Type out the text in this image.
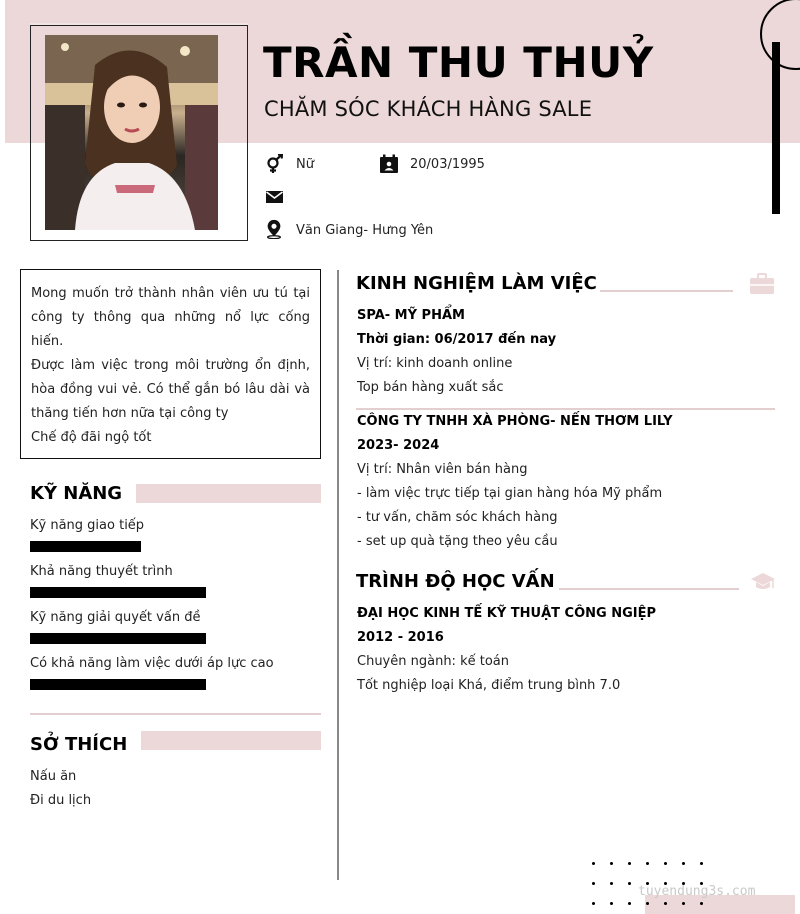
TRẦN THU THUỶ
CHĂM SÓC KHÁCH HÀNG SALE
Nữ	20/03/1995
Văn Giang- Hưng Yên

Mong muốn trở thành nhân viên ưu tú tại công ty thông qua những nổ lực cống hiến.

Được làm việc trong môi trường ổn định, hòa đồng vui vẻ. Có thể gắn bó lâu dài và thăng tiến hơn nữa tại công ty

Chế độ đãi ngộ tốt

KỸ NĂNG
Kỹ năng giao tiếp
Khả năng thuyết trình
Kỹ năng giải quyết vấn đề
Có khả năng làm việc dưới áp lực cao
SỞ THÍCH
Nấu ăn
Đi du lịch
KINH NGHIỆM LÀM VIỆC
SPA- MỸ PHẨM
Thời gian: 06/2017 đến nay
Vị trí: kinh doanh online
Top bán hàng xuất sắc
CÔNG TY TNHH XÀ PHÒNG- NẾN THƠM LILY
2023- 2024
Vị trí: Nhân viên bán hàng
- làm việc trực tiếp tại gian hàng hóa Mỹ phẩm
- tư vấn, chăm sóc khách hàng
- set up quà tặng theo yêu cầu
TRÌNH ĐỘ HỌC VẤN
ĐẠI HỌC KINH TẾ KỸ THUẬT CÔNG NGIỆP
2012 - 2016
Chuyên ngành: kế toán
Tốt nghiệp loại Khá, điểm trung bình 7.0
tuyendung3s.com
